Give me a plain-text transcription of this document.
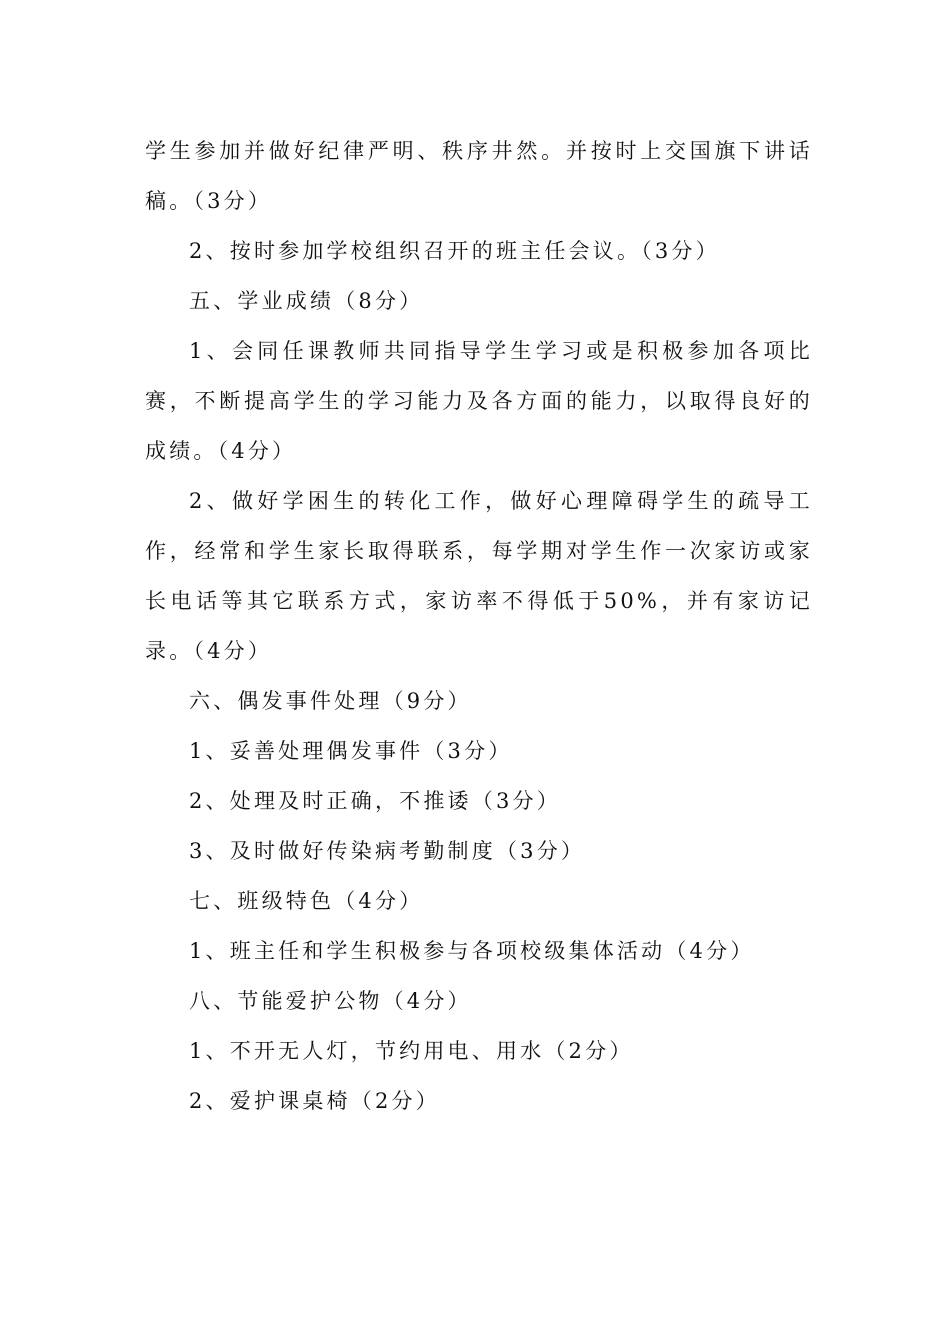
学生参加并做好纪律严明、秩序井然。并按时上交国旗下讲话稿。（3分）

2、按时参加学校组织召开的班主任会议。（3分）

五、学业成绩（8分）

1、会同任课教师共同指导学生学习或是积极参加各项比赛，不断提高学生的学习能力及各方面的能力，以取得良好的成绩。（4分）

2、做好学困生的转化工作，做好心理障碍学生的疏导工作，经常和学生家长取得联系，每学期对学生作一次家访或家长电话等其它联系方式，家访率不得低于50%，并有家访记录。（4分）

六、偶发事件处理（9分）

1、妥善处理偶发事件（3分）

2、处理及时正确，不推诿（3分）

3、及时做好传染病考勤制度（3分）

七、班级特色（4分）

1、班主任和学生积极参与各项校级集体活动（4分）

八、节能爱护公物（4分）

1、不开无人灯，节约用电、用水（2分）

2、爱护课桌椅（2分）
